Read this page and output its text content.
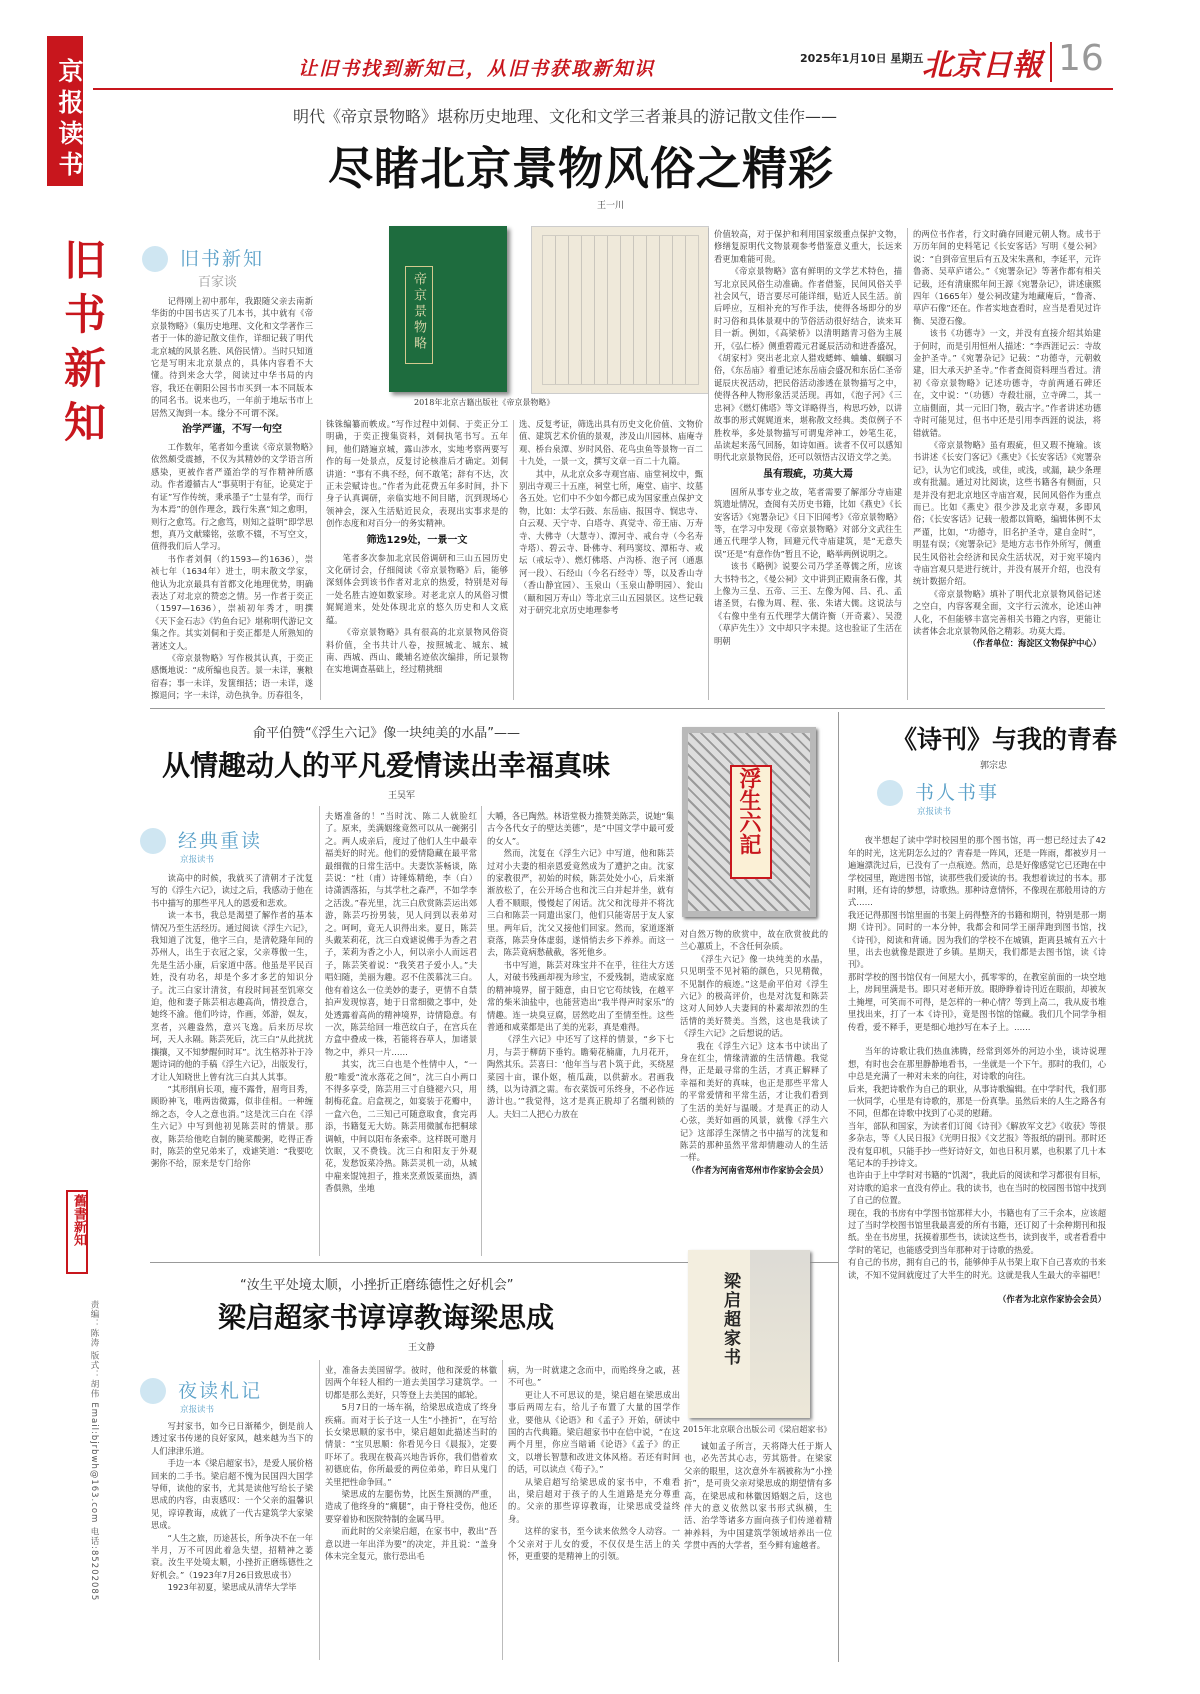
京报读书
旧书新知
舊書新知
责编：陈涛 版式：胡伟 Email:bjrbwh@163.com 电话:85202085
让旧书找到新知己，从旧书获取新知识	2025年1月10日 星期五
北京日報 16
明代《帝京景物略》堪称历史地理、文化和文学三者兼具的游记散文佳作——
尽睹北京景物风俗之精彩
王一川
旧书新知
百家谈	帝京景物略
2018年北京古籍出版社《帝京景物略》

记得刚上初中那年，我跟随父亲去南新华街的中国书店买了几本书，其中就有《帝京景物略》（集历史地理、文化和文学著作三者于一体的游记散文佳作，详细记载了明代北京城的风景名胜、风俗民情）。当时只知道它是写明末北京景点的，具体内容看不大懂。待到来念大学，阅读过中华书局的内容，我还在朝阳公园书市买到一本不同版本的同名书。说来也巧，一年前于地坛书市上居然又淘到一本。缘分不可谓不深。

治学严谨，不写一句空

工作数年，笔者如今重读《帝京景物略》依然颇受震撼，不仅为其精妙的文学语言所感染，更被作者严谨治学的写作精神所感动。作者遵循古人“事莫明于有征，论莫定于有证”写作传统，秉承墨子“士显有学，而行为本焉”的创作理念，践行朱熹“知之愈明，则行之愈笃。行之愈笃，则知之益明”即学思想，真乃文献臻铭，弦歌不辍，不写空文，值得我们后人学习。

书作者刘侗（约1593—约1636），崇祯七年（1634年）进士，明末散文学家，他认为北京最具有首都文化地理优势，明确表达了对北京的赞恋之情。另一作者于奕正（1597—1636），崇祯初年秀才，明撰《天下金石志》《钓鱼台记》堪称明代游记文集之作。其实刘侗和于奕正都是人所熟知的著述文人。

《帝京景物略》写作极其认真，于奕正感慨地说：“成所编也良苦。景一未详，裹粮宿春；事一未详，发箧细括；语一未详，遂擦退问；字一未详，动色执争。历春徂冬，

铢铢编纂而帙成。”写作过程中刘侗、于奕正分工明确，于奕正搜集资料，刘侗执笔书写。五年间，他们踏遍京城，露山涉水，实地考察两要写作的每一处景点，反复讨论核准后才确定。刘侗讲道：“事有不典不经，何不敢笔；辞有不达，次正未尝赋诗也。”作者为此花费五年多时间，扑下身子认真调研，亲临实地不间目睹，沉到现场心领神会，深入生活贴近民众，表现出实事求是的创作态度和对百分一的务实精神。

筛选129处，一景一文

笔者多次参加北京民俗调研和三山五园历史文化研讨会，仔细阅读《帝京景物略》后，能够深刻体会到该书作者对北京的热爱，特别是对每一处名胜古迹如数家珍。对老北京人的风俗习惯娓娓道来，处处体现北京的悠久历史和人文底蕴。

《帝京景物略》具有很高的北京景物风俗资料价值，全书共计八卷，按照城北、城东、城南、西城、西山、畿辅名迹依次编排，所记景物在实地调查基础上，经过精挑细

选、反复考证，筛选出具有历史文化价值、文物价值、建筑艺术价值的景观，涉及山川园林、庙庵寺观、桥台泉潭、岁时风俗、花鸟虫鱼等景物一百二十九处，一景一文，撰写文章一百二十九篇。

其中，从北京众多寺观宫庙、庙堂祠坟中，甄别出寺观三十五座，祠堂七所，庵堂、庙宇、坟墓各五处。它们中不少如今都已成为国家重点保护文物，比如：太学石鼓、东岳庙、报国寺、悯忠寺、白云观、天宁寺、白塔寺、真觉寺、帝王庙、万寿寺、大佛寺（大慧寺）、潭河寺、戒台寺（今名寿寺塔）、碧云寺、卧佛寺、利玛窦坟、潭柘寺、戒坛（戒坛寺）、燃灯佛塔、卢沟桥、泡子河（通惠河一段）、石经山（今名石经寺）等，以及香山寺（香山静宜园）、玉泉山（玉泉山静明园）、瓮山（颐和园万寿山）等北京三山五园景区。这些记载对于研究北京历史地理参考

价值较高，对于保护和利用国家级重点保护文物，修缮复原明代文物景观参考借鉴意义重大，长远来看更加难能可贵。

《帝京景物略》富有鲜明的文学艺术特色，描写北京民风俗生动准确。作者借鉴，民间风俗关乎社会风气，语言要尽可能详细，贴近人民生活。前后呼应，互相补充的写作手法，使得各场即分的岁时习俗和具体景观中的节俗活动很好结合，读来耳目一新。例如，《高梁桥》以清明踏青习俗为主展开，《弘仁桥》侧重碧霞元君诞辰活动和进香盛况，《胡家村》突出老北京人猎戏蟋蟀、蛐蛐、蝈蝈习俗，《东岳庙》着重记述东岳庙会盛况和东岳仁圣帝诞辰庆祝活动，把民俗活动渗透在景物描写之中，使得各种人物形象活灵活现。再如，《泡子河》《三忠祠》《燃灯佛塔》等文详略得当，构思巧妙，以讲故事的形式娓娓道来，堪称散文经典。类似例子不胜枚举，多处景物描写可谓鬼斧神工，妙笔生花，品读起来荡气回肠，如诗如画。读者不仅可以感知明代北京景物民俗，还可以领悟古汉语文学之美。

虽有瑕疵，功莫大焉

固所从事专业之故，笔者需要了解部分寺庙建筑遗址情况，查阅有关历史书籍，比如《燕史》《长安客话》《宛署杂记》《日下旧闻考》《帝京景物略》等，在学习中发现《帝京景物略》对部分文武往生通五代理学人物，回避元代寺庙建筑，是“无意失误”还是“有意作伪”暂且不论，略举两例说明之。

该书《略例》说要公司乃学圣尊儒之所，应该大书特书之，《曼公祠》文中讲到正殿南条石像，其上像为三皇、五帝、三王、左像为闻、吕、孔、孟诸圣贤，右像为周、程、张、朱诸大儒。这说法与《右像中坐有五代理学大儒许衡（开奇素）、吴澄（草庐先生）》文中却只字未提。这也验证了生活在明朝

的两位书作者，行文时确存回避元朝人物。成书于万历年间的史料笔记《长安客话》写明《曼公祠》说：“自到帝宣里后有五及宋朱熹和，李延平，元许鲁斋、吴草庐诸公。”《宛署杂记》等著作都有相关记载，还有清康熙年间王源《宛署杂记》，讲述康熙四年（1665年）曼公祠改建为地藏庵后，“鲁斋、草庐石像”还在。作者实地查看时，应当是看见过许衡、吴澄石像。

该书《功德寺》一文，并没有直接介绍其始建于何时，而是引用恒州人描述：“李西涯记云：寺故金护圣寺。”《宛署杂记》记载：“功德寺，元朝敕建，旧大承天护圣寺。”作者查阅资料理当看过。清初《帝京景物略》记述功德寺，寺前两通石碑还在，文中说：“（功德）寺殺壮丽，立寺碑二，其一立庙側面，其一元旧门物，载古字。”作者讲述功德寺时可能见过，但书中还是引用李西涯的说法，将错就错。

《帝京景物略》虽有瑕疵，但又瑕不掩瑜。该书讲述《长安门客记》《燕史》《长安客话》《宛署杂记》，认为它们或浅，或佳，或浅，或漏，缺少条理或有批漏。通过对比阅读，这些书籍各有侧面，只是并没有把北京地区寺庙宫观，民间风俗作为重点而已。比如《燕史》很少涉及北京寺观，多即风俗；《长安客话》记载一般都以简略，编辑体例不太严谨，比如，“功德寺，旧名护圣寺，建自金时”，明显有误；《宛署杂记》是地方志书作外所写，侧重民生风俗社会经济和民众生活状况，对于宛平境内寺庙宫观只是进行统计，并没有展开介绍，也没有统计数据介绍。

《帝京景物略》填补了明代北京景物风俗记述之空白，内容客观全面，文字行云流水，论述山神人化，不但能够丰富完善相关书籍之内容，更能让读者体会北京景物风俗之精彩。功莫大焉。

（作者单位：海淀区文物保护中心）
俞平伯赞“《浮生六记》像一块纯美的水晶”——
从情趣动人的平凡爱情读出幸福真味
王吴军
经典重读
京报读书
浮生六記

读高中的时候，我就买了清朝才子沈复写的《浮生六记》，读过之后，我感动于他在书中描写的那些平凡人的恩爱和悲欢。

读一本书，我总是渴望了解作者的基本情况乃至生活经历。通过阅读《浮生六记》，我知道了沈复，他字三白，是清乾隆年间的苏州人，出生于衣冠之家，父亲尊傲一生，先是生活小康，后家道中落。他虽是平民百姓，没有功名，却是个多才多艺的知识分子。沈三白家计清贫，有段时间甚至饥寒交迫，他和妻子陈芸相志趣高尚，情投意合，她终不渝。他们吟诗，作画，郊游，娱友，烹者，兴趣盎然，意兴飞逸。后来历尽坎坷，天人永隔。陈芸死后，沈三白“从此扰扰攘攘，又不知梦醒何时耳”。沈生格苏补于冷题诗词的他的手稿《浮生六记》，出版发行，才让人知晓世上曾有沈三白其人其事。

“其形削肩长项，瘦不露骨，眉弯目秀，顾盼神飞，唯两齿微露，似非佳相。一种缠绵之态，令人之意也消。”这是沈三白在《浮生六记》中写到他初见陈芸时的情景。那夜，陈芸给他吃自制的腌菜酸粥，吃得正香时，陈芸的堂兄弟来了，戏谑笑道：“我要吃粥你不给，原来是专门给你

夫婿准备的！”当时沈、陈二人就脸红了。原来，美满姻缘竟然可以从一碗粥引之。两人成亲后，度过了他们人生中最幸福美好的时光。他们的爱情隐藏在最平常最细微的日常生活中。夫妻饮茶畅谈，陈芸说：“杜（甫）诗锤炼精绝，李（白）诗潇洒落拓，与其学杜之森严，不如学李之活泼。”春光里，沈三白欣赏陈芸运出郊游，陈芸巧扮男装，见人问到以表弟对之。呵呵，竟无人识得出来。夏日，陈芸头戴茉莉花，沈三白戏谑说佛手为香之君子，茉莉为香之小人，何以亲小人而远君子，陈芸笑着说：“我笑君子爱小人。”夫唱妇随，美丽为趣。忍不住羡慕沈三白。他有着这么一位美妙的妻子，更情不自禁拍声发现惊喜，她于日常细微之事中，处处透露着高尚的精神境界，诗情隐意。有一次，陈芸给回一堆芭纹白子，在宫兵在方盒中叠成一株，若能将吞草人，加诸景物之中，养只一片……

其实，沈三白也是个性情中人，“一般”唯爱“流水落花之间”，沈三白小两口不得多享受，陈芸用三寸自缝褪六只，用制梅花盒。启盒视之，如宴装于花瓣中，一盒六色，二三知己可随意取食，食完再添，书籍复无大妨。陈芸用微腻布把桐球调帧，中间以阳布条索牵。这样既可邀月饮眠，又不费钱。沈三白和阳友于外观花，发愁饭菜冷热。陈芸灵机一动，从城中雇来馄饨担子，推来烹煮饭菜面热，酒香俱熟，坐地

大嚼，各已陶然。林语堂极力推赞美陈芸，说她“集古今各代女子的壁达美德”，是“中国文学中最可爱的女人”。

然而，沈复在《浮生六记》中写道，他和陈芸过对小夫妻的相亲恩爱竟然成为了遭护之由。沈家的家教很严，初始的时候，陈芸处处小心，后来渐渐放松了，在公开场合也和沈三白并起并坐，就有人看不顺眼，慢慢起了闲话。沈父和沈母并不将沈三白和陈芸一同遣出家门，他们只能寄居于友人家里。两年后，沈父又接他们回家。然而，家道逐渐衰落，陈芸身体虚弱，遂悄悄去乡下养养。而这一去，陈芸竟病愁截截，客死他乡。

书中写道，陈芸对珠宝并不在乎，往往大方送人，对破书残画却视为珍宝，不爱残制，造成家庭的精神境界，留于随意，由日它它苟续钱，在越平常的柴米油盐中，也能营造出“我半得声时家乐”的情趣。连一块臭豆腐，居然吃出了至情至性。这些普通和咸菜都是出了美的光彩，真是难得。

《浮生六记》中还写了这样的情景，“乡下七月，与芸于柳荫下垂钓。瞻菊花楠庸，九月花开，陶然其乐。芸喜曰：‘他年当与君卜筑于此，买绕屋菜园十亩，课仆妪，植瓜蔬，以供薪水。君画我绣，以为诗酒之需。布衣菜饭可乐终身，不必作远游计也。’”我觉得，这才是真正脱却了名缰利锁的人。夫妇二人把心力放在

对自然万物的欣赏中，故在欣赏彼此的兰心蕙质上，不含任何杂质。

《浮生六记》像一块纯美的水晶，只见明莹不见衬箱的颜色，只见精微，不见制作的痕迹。”这是俞平伯对《浮生六记》的极高评价，也是对沈复和陈芸这对人间妙人夫妻间的朴素却浓烈的生活情的美好赞美。当然，这也是我读了《浮生六记》之后想说的话。

我在《浮生六记》这本书中读出了身在红尘，情缘清澈的生活情趣。我觉得，正是最寻常的生活，才真正解释了幸福和美好的真味，也正是那些平常人的平常爱情和平常生活，才让我们看到了生活的美好与温暖。才是真正的动人心弦，美好如画的风景，就像《浮生六记》这部浮生深情之书中描写的沈复和陈芸的那种虽然平常却情趣动人的生活一样。

（作者为河南省郑州市作家协会会员）
《诗刊》与我的青春
郭宗忠
书人书事
京报读书

夜半想起了读中学时校园里的那个图书馆，再一想已经过去了42年的时光，这光阴怎么过的？青春是一阵风，还是一阵雨，都被岁月一遍遍漂洗过后，已没有了一点痕迹。然而，总是好像感觉它已还跑在中学校园里，跑进图书馆，读那些我们爱读的书。我想着读过的书本。那时刚，还有诗的梦想，诗歌热。那种诗意情怀，不像现在那般用诗的方式……
我还记得那图书馆里面的书架上码得整齐的书籍和期刊，特别是那一期期《诗刊》。同时的一本分钟，我都会和同学王丽萍跑到图书馆，找《诗刊》，阅读和背诵。因为我们的学校不在城镇，距离县城有五六十里，出去也就像是跟进了乡镇。星期天，我们都是去图书馆，读《诗刊》。
那时学校的图书馆仅有一间屋大小，孤零零的，在教室前面的一块空地上，房间里满是书。即只对老师开放。眼睁睁着诗刊近在眼前，却被灰土掩埋，可笑而不可得，是怎样的一种心情？等到上高二，我从废书堆里找出来，打了一本《诗刊》，竟是图书馆的馆藏。我们几个同学争相传看，爱不释手，更是细心地抄写在本子上。……

当年的诗歌让我们热血沸腾，经常到郊外的河边小坐，谈诗说理想，有时也会在那里静静地看书，一坐就是一个下午。那时的我们，心中总是充满了一种对未来的向往，对诗歌的向往。
后来，我把诗歌作为自己的职业，从事诗歌编辑。在中学时代，我们那一伙同学，心里是有诗歌的，那是一份真挚。虽然后来的人生之路各有不同，但都在诗歌中找到了心灵的慰藉。
当年，部队和国家，为读者们订阅《诗刊》《解放军文艺》《收获》等很多杂志，等《人民日报》《光明日报》《文艺报》等报纸的副刊。那时还没有复印机，只能手抄一些好诗好文，如也日积月累，也积累了几十本笔记本的手抄诗文。
也许由于上中学时对书籍的“饥渴”，我此后的阅读和学习都很有目标，对诗歌的追求一直没有停止。我的读书，也在当时的校园图书馆中找到了自己的位置。
现在，我的书房有中学图书馆那样大小，书籍也有了三千余本，应该超过了当时学校图书馆里我最喜爱的所有书籍，还订阅了十余种期刊和报纸。坐在书房里，抚摸着那些书，读读这些书，读到夜半，或者看看中学时的笔记，也能感受到当年那种对于诗歌的热爱。
有自己的书房，拥有自己的书，能够伸手从书架上取下自己喜欢的书来读，不知不觉间就度过了大半生的时光。这就是我人生最大的幸福吧！

（作者为北京作家协会会员）

“汝生平处境太顺，小挫折正磨练德性之好机会”
梁启超家书谆谆教诲梁思成
王文静
夜读札记
京报读书
梁启超家书
2015年北京联合出版公司《梁启超家书》

写封家书，如今已日渐稀少，倒是前人透过家书传递的良好家风，越来越为当下的人们津津乐道。

手边一本《梁启超家书》，是爱人展价格回来的二手书。梁启超不愧为民国四大国学导师，读他的家书，尤其是读他写给长子梁思成的内容，由衷感叹：一个父亲的温馨识见，谆谆教诲，成就了一代古建筑学大家梁思成。

“人生之旅，历途甚长，所争决不在一年半月，万不可因此着急失望，招精神之萎衰。汝生平处境太顺，小挫折正磨练德性之好机会。”（1923年7月26日致思成书）

1923年初夏，梁思成从清华大学毕

业，准备去美国留学。彼时，他和深爱的林徽因两个年轻人相约一道去美国学习建筑学。一切都是那么美好，只等登上去美国的邮轮。

5月7日的一场车祸，给梁思成造成了终身疾痛。而对于长子这一人生“小挫折”，在写给长女梁思顺的家书中，梁启超如此描述当时的情景：“宝贝思顺：你看见今日《晨报》，定要吓坏了。我现在极高兴地告诉你，我们借着欢初德庇佑，你所最爱的两位弟弟，昨日从鬼门关里把性命争回。”

梁思成的左腿伤势，比医生预测的严重，造成了他终身的“瘸腿”，由于脊柱受伤，他还要穿着协和医院特制的金属马甲。

而此时的父亲梁启超，在家书中，教出“吾意以进一年出洋为要”的决定，并且说：“盖身体未完全复元，旅行恐出毛

病，为一时就逮之念而中，而贻终身之戚，甚不可也。”

更让人不可思议的是，梁启超在梁思成出事后两周左右，给儿子布置了大量的国学作业，要他从《论语》和《孟子》开始，研读中国的古代典籍。梁启超家书中在信中说，“在这两个月里，你应当暗诵《论语》《孟子》的正文，以增长智慧和改进文体风格。若还有时间的话，可以读点《荀子》。”

从梁启超写给梁思成的家书中，不难看出，梁启超对于孩子的人生道路是充分尊重的。父亲的那些谆谆教诲，让梁思成受益终身。

这样的家书，至今读来依然令人动容。一个父亲对于儿女的爱，不仅仅是生活上的关怀，更重要的是精神上的引领。

诚如孟子所言，天将降大任于斯人也，必先苦其心志，劳其筋骨。在梁家父亲的眼里，这次意外车祸被称为“小挫折”，是可贵父亲对梁思成的期望情有多高，在梁思成和林徽因婚姻之后，这也伴大的意义依然以家书形式纵横，生活、治学等诸多方面向孩子们传递着精神养料，为中国建筑学领域培养出一位学贯中西的大学者，至今鲜有逾越者。
